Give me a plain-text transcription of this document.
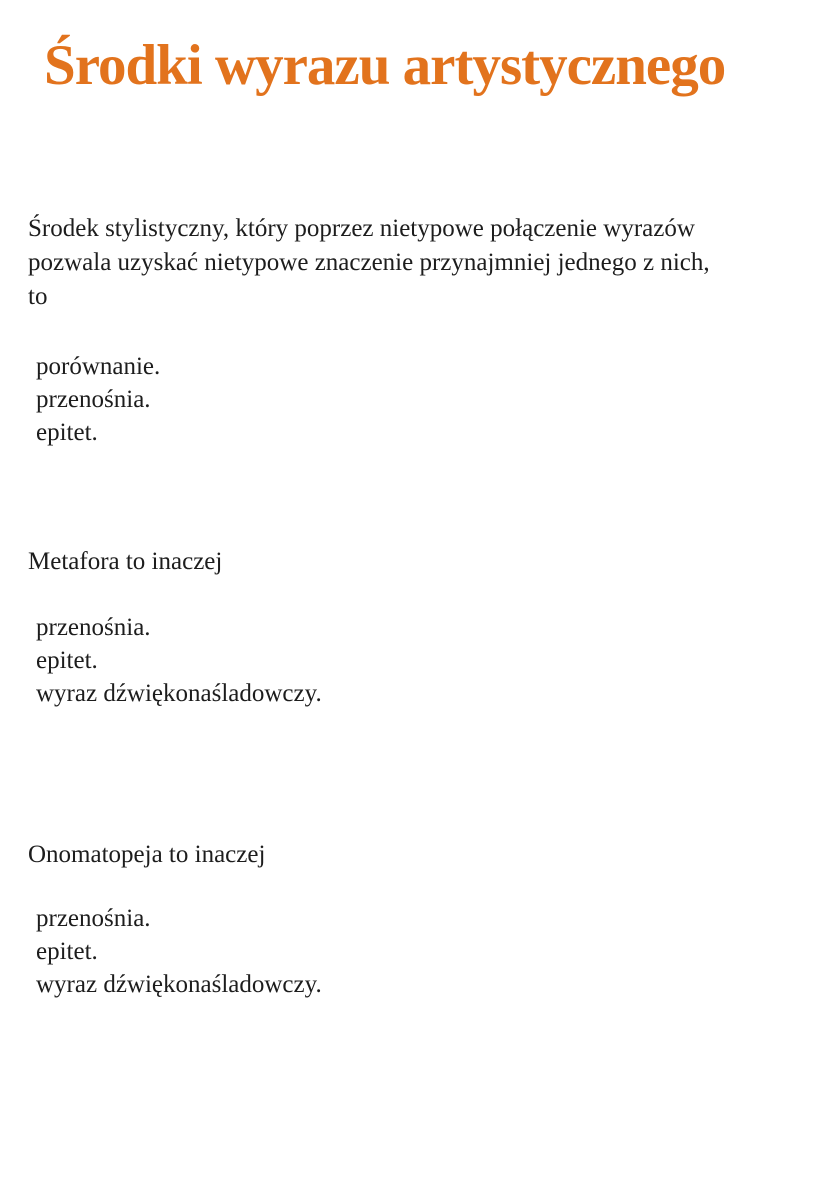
Środki wyrazu artystycznego

Środek stylistyczny, który poprzez nietypowe połączenie wyrazów pozwala uzyskać nietypowe znaczenie przynajmniej jednego z nich, to

porównanie.
przenośnia.
epitet.

Metafora to inaczej

przenośnia.
epitet.
wyraz dźwiękonaśladowczy.

Onomatopeja to inaczej

przenośnia.
epitet.
wyraz dźwiękonaśladowczy.
